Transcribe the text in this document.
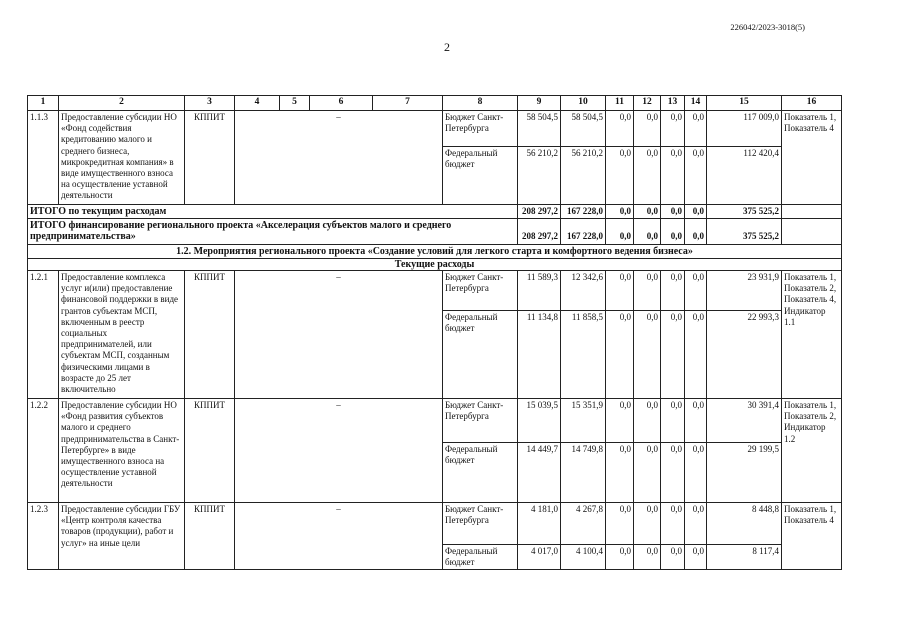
226042/2023-3018(5)
2
1	2	3	4	5	6	7	8	9	10	11	12	13	14	15	16
1.1.3	Предоставление субсидии НО «Фонд содействия кредитованию малого и среднего бизнеса, микрокредитная компания» в виде имущественного взноса на осуществление уставной деятельности	КППИТ	–				Бюджет Санкт-Петербурга	58 504,5	58 504,5	0,0	0,0	0,0	0,0	117 009,0	Показатель 1, Показатель 4
							Федеральный бюджет	56 210,2	56 210,2	0,0	0,0	0,0	0,0	112 420,4	
ИТОГО по текущим расходам								208 297,2	167 228,0	0,0	0,0	0,0	0,0	375 525,2	
ИТОГО финансирование регионального проекта «Акселерация субъектов малого и среднего предпринимательства»								208 297,2	167 228,0	0,0	0,0	0,0	0,0	375 525,2	
1.2. Мероприятия регионального проекта «Создание условий для легкого старта и комфортного ведения бизнеса»															
Текущие расходы															
1.2.1	Предоставление комплекса услуг и(или) предоставление финансовой поддержки в виде грантов субъектам МСП, включенным в реестр социальных предпринимателей, или субъектам МСП, созданным физическими лицами в возрасте до 25 лет включительно	КППИТ	–				Бюджет Санкт-Петербурга	11 589,3	12 342,6	0,0	0,0	0,0	0,0	23 931,9	Показатель 1, Показатель 2, Показатель 4, Индикатор 1.1
							Федеральный бюджет	11 134,8	11 858,5	0,0	0,0	0,0	0,0	22 993,3	
1.2.2	Предоставление субсидии НО «Фонд развития субъектов малого и среднего предпринимательства в Санкт-Петербурге» в виде имущественного взноса на осуществление уставной деятельности	КППИТ	–				Бюджет Санкт-Петербурга	15 039,5	15 351,9	0,0	0,0	0,0	0,0	30 391,4	Показатель 1, Показатель 2, Индикатор 1.2
							Федеральный бюджет	14 449,7	14 749,8	0,0	0,0	0,0	0,0	29 199,5	
1.2.3	Предоставление субсидии ГБУ «Центр контроля качества товаров (продукции), работ и услуг» на иные цели	КППИТ	–				Бюджет Санкт-Петербурга	4 181,0	4 267,8	0,0	0,0	0,0	0,0	8 448,8	Показатель 1, Показатель 4
							Федеральный бюджет	4 017,0	4 100,4	0,0	0,0	0,0	0,0	8 117,4	
